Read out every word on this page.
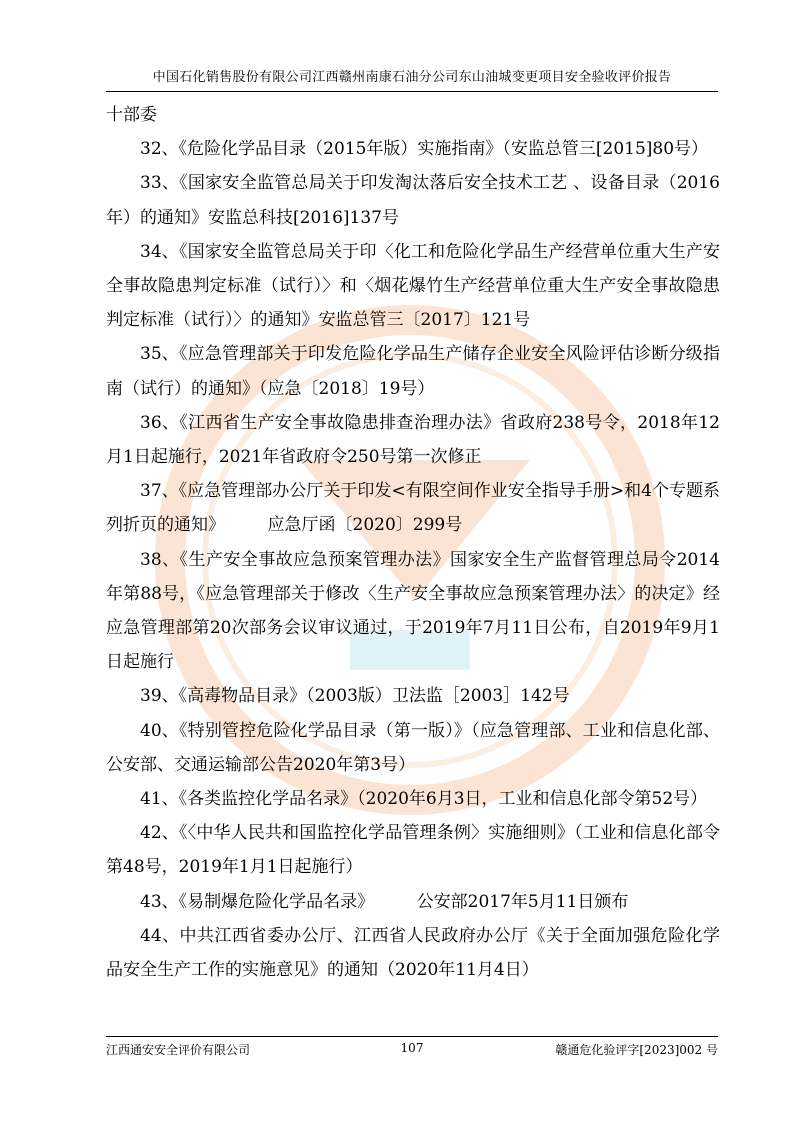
中国石化销售股份有限公司江西赣州南康石油分公司东山油城变更项目安全验收评价报告

十部委

32、《危险化学品目录（2015年版）实施指南》（安监总管三[2015]80号）

33、《国家安全监管总局关于印发淘汰落后安全技术工艺 、设备目录（2016年）的通知》安监总科技[2016]137号

34、《国家安全监管总局关于印〈化工和危险化学品生产经营单位重大生产安全事故隐患判定标准（试行）〉和〈烟花爆竹生产经营单位重大生产安全事故隐患判定标准（试行）〉的通知》安监总管三〔2017〕121号

35、《应急管理部关于印发危险化学品生产储存企业安全风险评估诊断分级指南（试行）的通知》（应急〔2018〕19号）

36、《江西省生产安全事故隐患排查治理办法》省政府238号令，2018年12月1日起施行，2021年省政府令250号第一次修正

37、《应急管理部办公厅关于印发<有限空间作业安全指导手册>和4个专题系列折页的通知》　　　应急厅函〔2020〕299号

38、《生产安全事故应急预案管理办法》国家安全生产监督管理总局令2014年第88号，《应急管理部关于修改〈生产安全事故应急预案管理办法〉的决定》经应急管理部第20次部务会议审议通过，于2019年7月11日公布，自2019年9月1日起施行

39、《高毒物品目录》（2003版）卫法监［2003］142号

40、《特别管控危险化学品目录（第一版）》（应急管理部、工业和信息化部、公安部、交通运输部公告2020年第3号）

41、《各类监控化学品名录》（2020年6月3日，工业和信息化部令第52号）

42、《〈中华人民共和国监控化学品管理条例〉实施细则》（工业和信息化部令第48号，2019年1月1日起施行）

43、《易制爆危险化学品名录》　　　公安部2017年5月11日颁布

44、中共江西省委办公厅、江西省人民政府办公厅《关于全面加强危险化学品安全生产工作的实施意见》的通知（2020年11月4日）

江西通安安全评价有限公司	107	赣通危化验评字[2023]002 号
